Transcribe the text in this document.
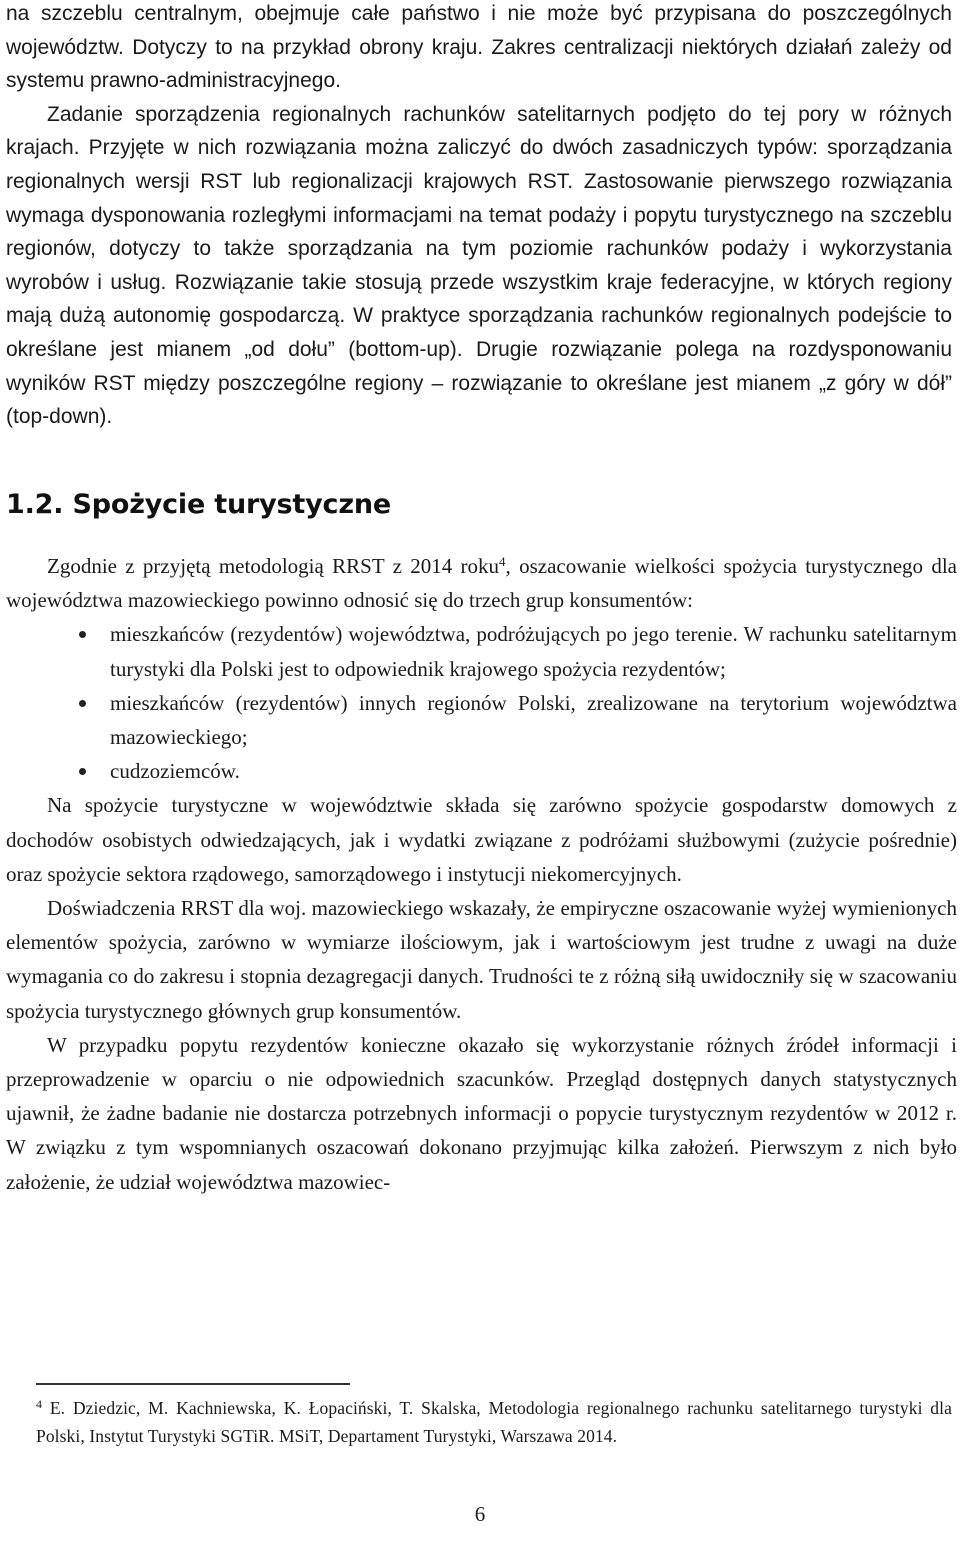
na szczeblu centralnym, obejmuje całe państwo i nie może być przypisana do poszczególnych województw. Dotyczy to na przykład obrony kraju. Zakres centralizacji niektórych działań zależy od systemu prawno-administracyjnego.

Zadanie sporządzenia regionalnych rachunków satelitarnych podjęto do tej pory w różnych krajach. Przyjęte w nich rozwiązania można zaliczyć do dwóch zasadniczych typów: sporządzania regionalnych wersji RST lub regionalizacji krajowych RST. Zastosowanie pierwszego rozwiązania wymaga dysponowania rozległymi informacjami na temat podaży i popytu turystycznego na szczeblu regionów, dotyczy to także sporządzania na tym poziomie rachunków podaży i wykorzystania wyrobów i usług. Rozwiązanie takie stosują przede wszystkim kraje federacyjne, w których regiony mają dużą autonomię gospodarczą. W praktyce sporządzania rachunków regionalnych podejście to określane jest mianem „od dołu” (bottom-up). Drugie rozwiązanie polega na rozdysponowaniu wyników RST między poszczególne regiony – rozwiązanie to określane jest mianem „z góry w dół” (top-down).

1.2. Spożycie turystyczne

Zgodnie z przyjętą metodologią RRST z 2014 roku$^4$, oszacowanie wielkości spożycia turystycznego dla województwa mazowieckiego powinno odnosić się do trzech grup konsumentów:

mieszkańców (rezydentów) województwa, podróżujących po jego terenie. W rachunku satelitarnym turystyki dla Polski jest to odpowiednik krajowego spożycia rezydentów;
mieszkańców (rezydentów) innych regionów Polski, zrealizowane na terytorium województwa mazowieckiego;
cudzoziemców.

Na spożycie turystyczne w województwie składa się zarówno spożycie gospodarstw domowych z dochodów osobistych odwiedzających, jak i wydatki związane z podróżami służbowymi (zużycie pośrednie) oraz spożycie sektora rządowego, samorządowego i instytucji niekomercyjnych.

Doświadczenia RRST dla woj. mazowieckiego wskazały, że empiryczne oszacowanie wyżej wymienionych elementów spożycia, zarówno w wymiarze ilościowym, jak i wartościowym jest trudne z uwagi na duże wymagania co do zakresu i stopnia dezagregacji danych. Trudności te z różną siłą uwidoczniły się w szacowaniu spożycia turystycznego głównych grup konsumentów.

W przypadku popytu rezydentów konieczne okazało się wykorzystanie różnych źródeł informacji i przeprowadzenie w oparciu o nie odpowiednich szacunków. Przegląd dostępnych danych statystycznych ujawnił, że żadne badanie nie dostarcza potrzebnych informacji o popycie turystycznym rezydentów w 2012 r. W związku z tym wspomnianych oszacowań dokonano przyjmując kilka założeń. Pierwszym z nich było założenie, że udział województwa mazowiec-

$^4$ E. Dziedzic, M. Kachniewska, K. Łopaciński, T. Skalska, Metodologia regionalnego rachunku satelitarnego turystyki dla Polski, Instytut Turystyki SGTiR. MSiT, Departament Turystyki, Warszawa 2014.

6
